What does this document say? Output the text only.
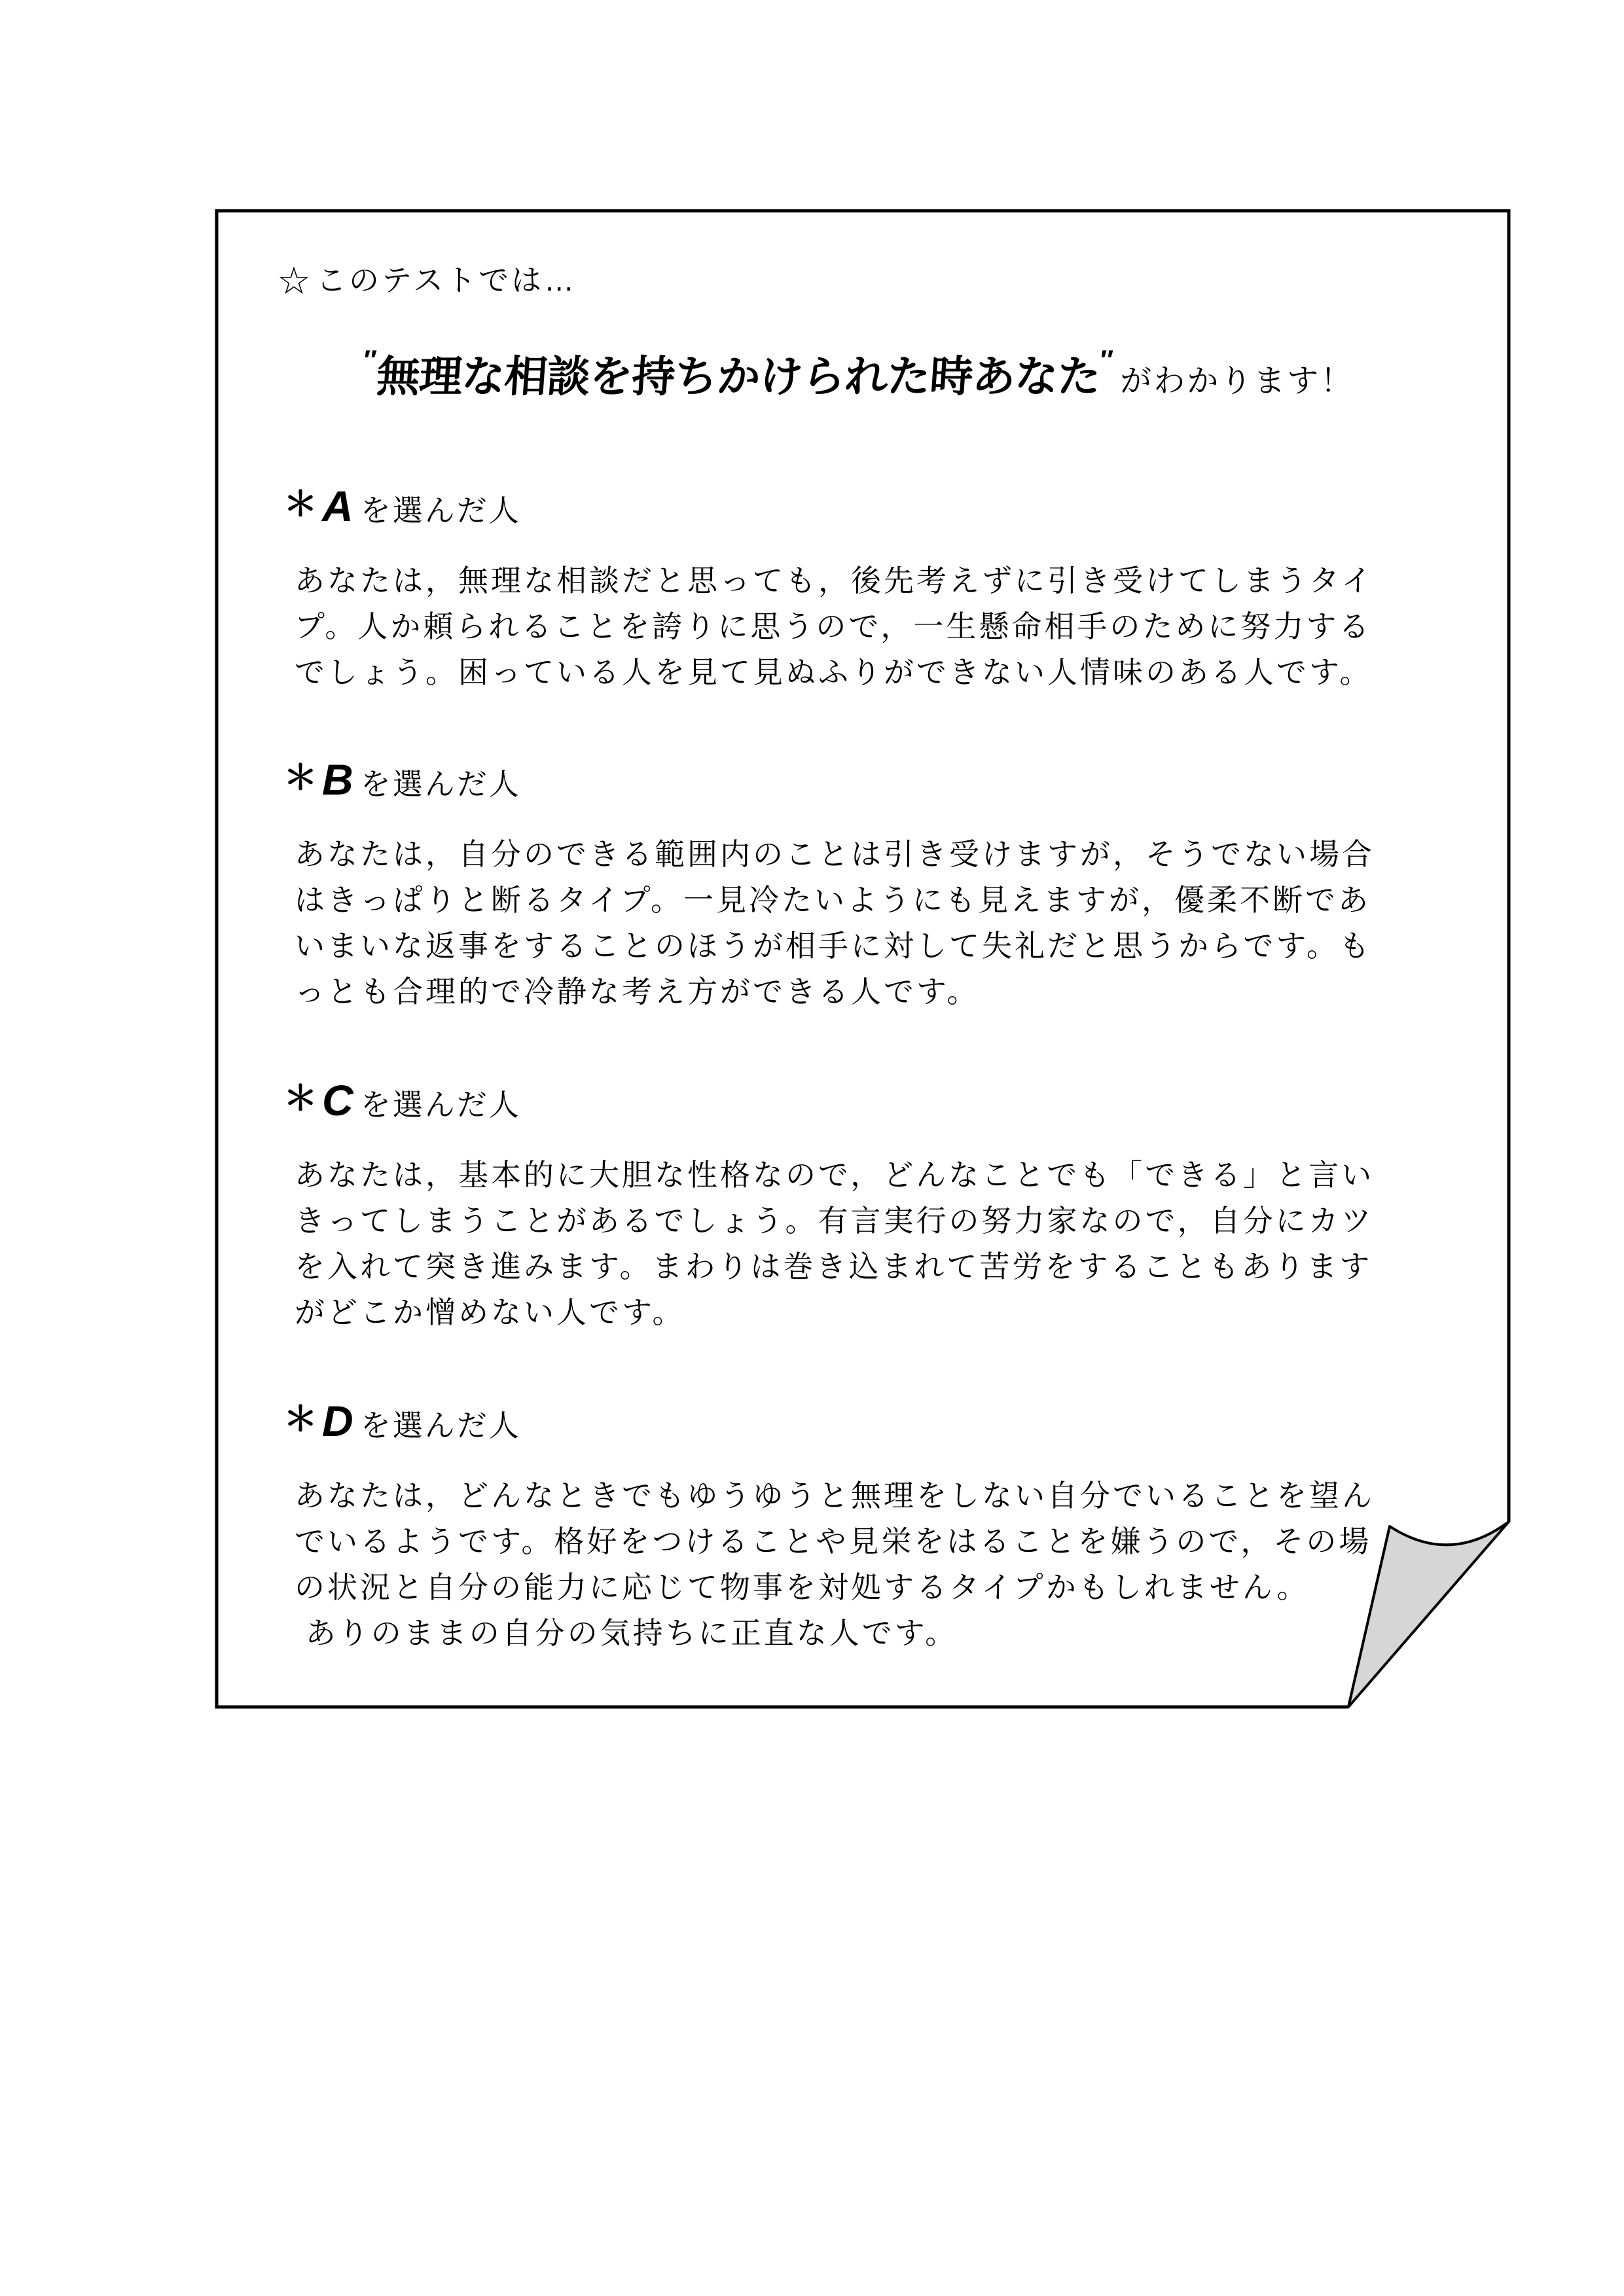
☆このテストでは…
″無理な相談を持ちかけられた時あなた″がわかります！
＊A を選んだ人
あなたは，無理な相談だと思っても，後先考えずに引き受けてしまうタイ
プ。人か頼られることを誇りに思うので，一生懸命相手のために努力する
でしょう。困っている人を見て見ぬふりができない人情味のある人です。
＊B を選んだ人
あなたは，自分のできる範囲内のことは引き受けますが，そうでない場合
はきっぱりと断るタイプ。一見冷たいようにも見えますが，優柔不断であ
いまいな返事をすることのほうが相手に対して失礼だと思うからです。も
っとも合理的で冷静な考え方ができる人です。
＊C を選んだ人
あなたは，基本的に大胆な性格なので，どんなことでも「できる」と言い
きってしまうことがあるでしょう。有言実行の努力家なので，自分にカツ
を入れて突き進みます。まわりは巻き込まれて苦労をすることもあります
がどこか憎めない人です。
＊D を選んだ人
あなたは，どんなときでもゆうゆうと無理をしない自分でいることを望ん
でいるようです。格好をつけることや見栄をはることを嫌うので，その場
の状況と自分の能力に応じて物事を対処するタイプかもしれません。
ありのままの自分の気持ちに正直な人です。
